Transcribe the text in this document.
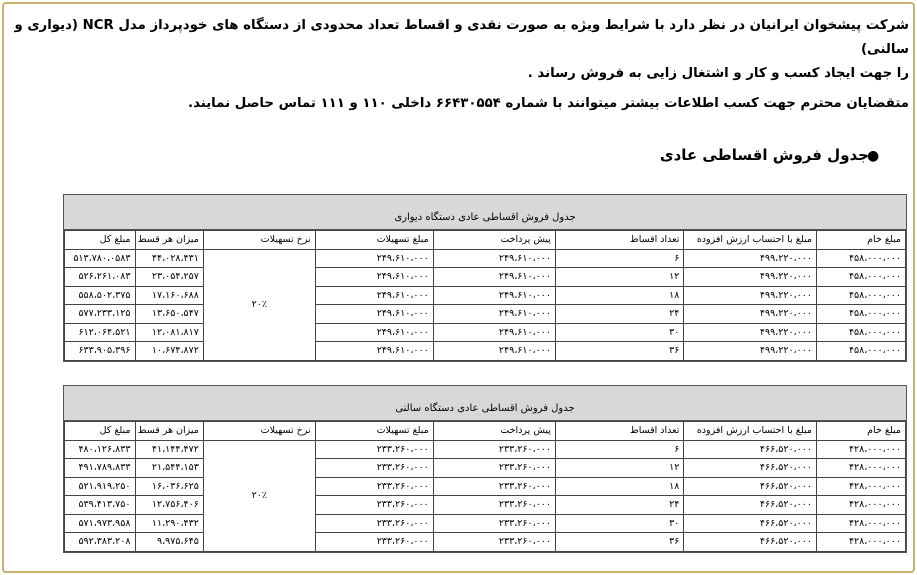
شرکت پیشخوان ایرانیان در نظر دارد با شرایط ویژه به صورت نقدی و اقساط تعداد محدودی از دستگاه های خودپرداز مدل NCR (دیواری و سالنی)
را جهت ایجاد کسب و کار و اشتغال زایی به فروش رساند .
متقضایان محترم جهت کسب اطلاعات بیشتر میتوانند با شماره ۶۶۴۳۰۵۵۴ داخلی ۱۱۰ و ۱۱۱ تماس حاصل نمایند.
●
جدول فروش اقساطی عادی
جدول فروش اقساطی عادی دستگاه دیواری
مبلغ خام	مبلغ با احتساب ارزش افزوده	تعداد اقساط	پیش پرداخت	مبلغ تسهیلات	نرخ تسهیلات	میزان هر قسط	مبلغ کل
۴۵۸،۰۰۰،۰۰۰	۴۹۹،۲۲۰،۰۰۰	۶	۲۴۹،۶۱۰،۰۰۰	۲۴۹،۶۱۰،۰۰۰	۲۰٪	۴۴،۰۲۸،۴۳۱	۵۱۳،۷۸۰،۰۵۸۳
۴۵۸،۰۰۰،۰۰۰	۴۹۹،۲۲۰،۰۰۰	۱۲	۲۴۹،۶۱۰،۰۰۰	۲۴۹،۶۱۰،۰۰۰		۲۳،۰۵۴،۲۵۷	۵۲۶،۲۶۱،۰۸۳
۴۵۸،۰۰۰،۰۰۰	۴۹۹،۲۲۰،۰۰۰	۱۸	۲۴۹،۶۱۰،۰۰۰	۲۴۹،۶۱۰،۰۰۰		۱۷،۱۶۰،۶۸۸	۵۵۸،۵۰۲،۳۷۵
۴۵۸،۰۰۰،۰۰۰	۴۹۹،۲۲۰،۰۰۰	۲۴	۲۴۹،۶۱۰،۰۰۰	۲۴۹،۶۱۰،۰۰۰		۱۳،۶۵۰،۵۴۷	۵۷۷،۲۳۳،۱۲۵
۴۵۸،۰۰۰،۰۰۰	۴۹۹،۲۲۰،۰۰۰	۳۰	۲۴۹،۶۱۰،۰۰۰	۲۴۹،۶۱۰،۰۰۰		۱۲،۰۸۱،۸۱۷	۶۱۲،۰۶۴،۵۲۱
۴۵۸،۰۰۰،۰۰۰	۴۹۹،۲۲۰،۰۰۰	۳۶	۲۴۹،۶۱۰،۰۰۰	۲۴۹،۶۱۰،۰۰۰		۱۰،۶۷۴،۸۷۲	۶۳۳،۹۰۵،۳۹۶
جدول فروش اقساطی عادی دستگاه سالنی
مبلغ خام	مبلغ با احتساب ارزش افزوده	تعداد اقساط	پیش پرداخت	مبلغ تسهیلات	نرخ تسهیلات	میزان هر قسط	مبلغ کل
۴۲۸،۰۰۰،۰۰۰	۴۶۶،۵۲۰،۰۰۰	۶	۲۳۳،۲۶۰،۰۰۰	۲۳۳،۲۶۰،۰۰۰	۲۰٪	۴۱،۱۴۴،۴۷۲	۴۸۰،۱۲۶،۸۳۳
۴۲۸،۰۰۰،۰۰۰	۴۶۶،۵۲۰،۰۰۰	۱۲	۲۳۳،۲۶۰،۰۰۰	۲۳۳،۲۶۰،۰۰۰		۲۱،۵۴۴،۱۵۳	۴۹۱،۷۸۹،۸۳۳
۴۲۸،۰۰۰،۰۰۰	۴۶۶،۵۲۰،۰۰۰	۱۸	۲۳۳،۲۶۰،۰۰۰	۲۳۳،۲۶۰،۰۰۰		۱۶،۰۳۶،۶۲۵	۵۲۱،۹۱۹،۲۵۰
۴۲۸،۰۰۰،۰۰۰	۴۶۶،۵۲۰،۰۰۰	۲۴	۲۳۳،۲۶۰،۰۰۰	۲۳۳،۲۶۰،۰۰۰		۱۲،۷۵۶،۴۰۶	۵۳۹،۴۱۳،۷۵۰
۴۲۸،۰۰۰،۰۰۰	۴۶۶،۵۲۰،۰۰۰	۳۰	۲۳۳،۲۶۰،۰۰۰	۲۳۳،۲۶۰،۰۰۰		۱۱،۲۹۰،۴۳۲	۵۷۱،۹۷۳،۹۵۸
۴۲۸،۰۰۰،۰۰۰	۴۶۶،۵۲۰،۰۰۰	۳۶	۲۳۳،۲۶۰،۰۰۰	۲۳۳،۲۶۰،۰۰۰		۹،۹۷۵،۶۴۵	۵۹۲،۳۸۳،۲۰۸
